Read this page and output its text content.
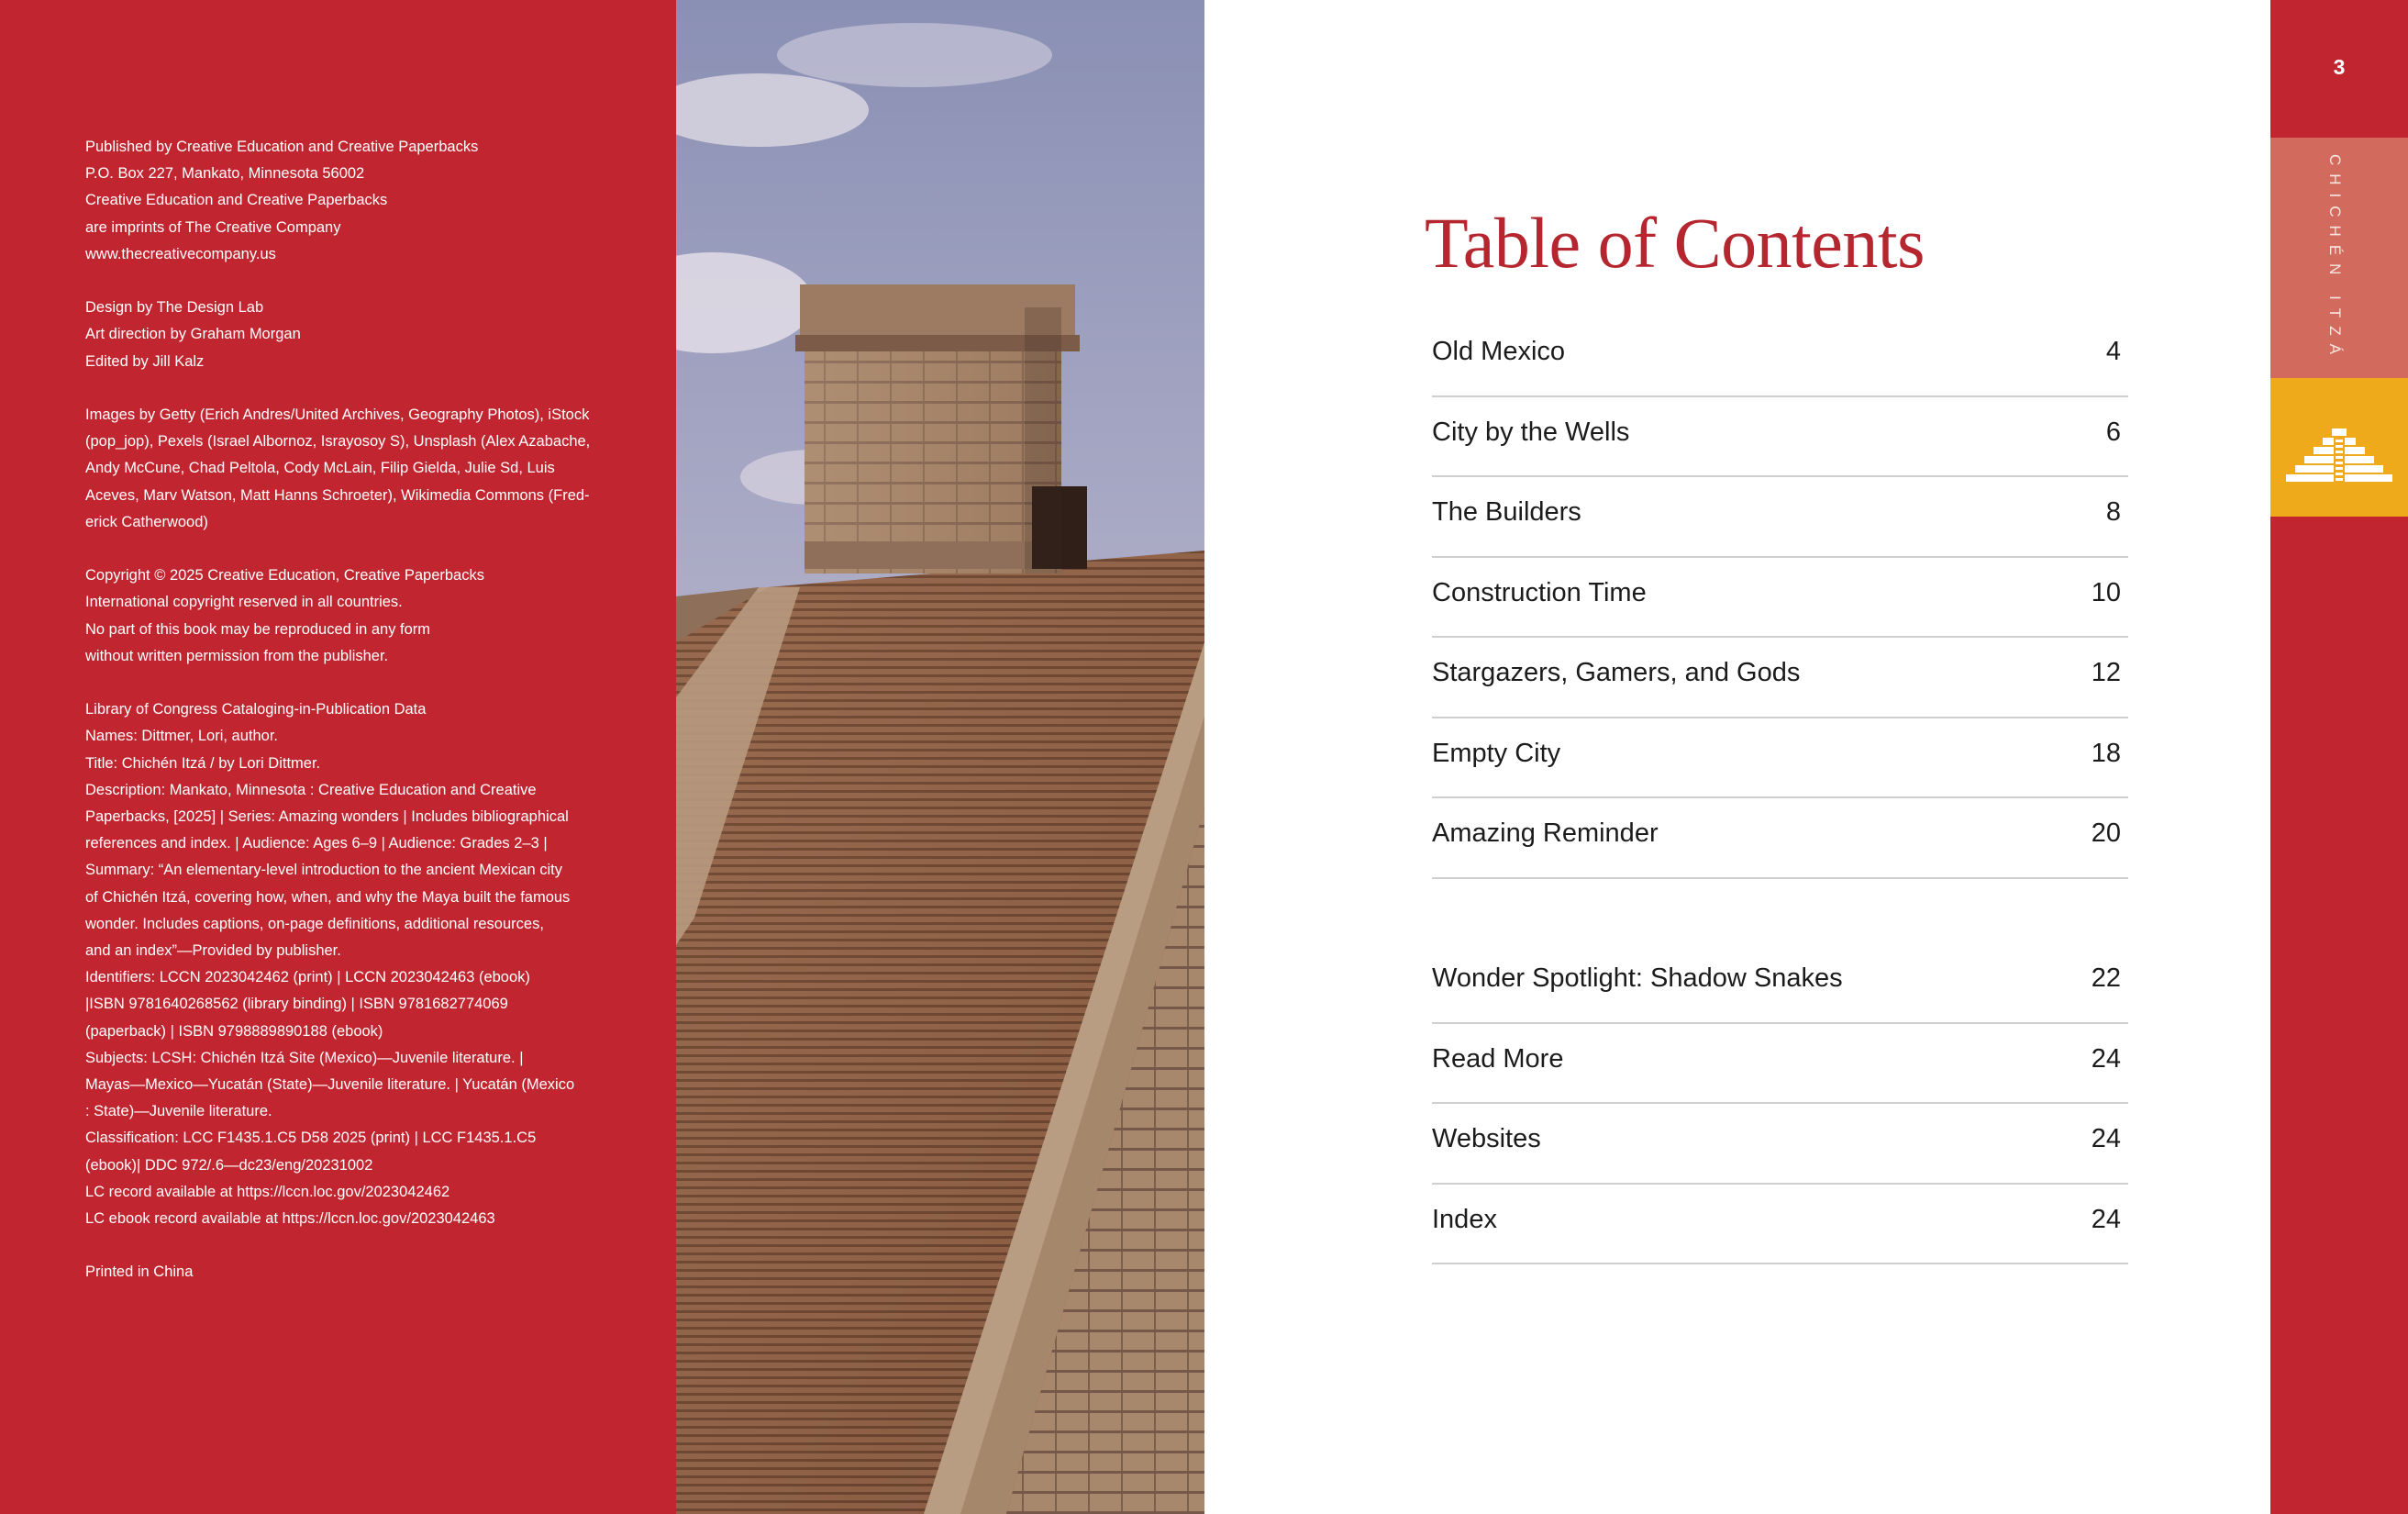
Published by Creative Education and Creative Paperbacks
P.O. Box 227, Mankato, Minnesota 56002
Creative Education and Creative Paperbacks
are imprints of The Creative Company
www.thecreativecompany.us
Design by The Design Lab
Art direction by Graham Morgan
Edited by Jill Kalz
Images by Getty (Erich Andres/United Archives, Geography Photos), iStock
(pop_jop), Pexels (Israel Albornoz, Israyosoy S), Unsplash (Alex Azabache,
Andy McCune, Chad Peltola, Cody McLain, Filip Gielda, Julie Sd, Luis
Aceves, Marv Watson, Matt Hanns Schroeter), Wikimedia Commons (Fred-
erick Catherwood)
Copyright © 2025 Creative Education, Creative Paperbacks
International copyright reserved in all countries.
No part of this book may be reproduced in any form
without written permission from the publisher.
Library of Congress Cataloging-in-Publication Data
Names: Dittmer, Lori, author.
Title: Chichén Itzá / by Lori Dittmer.
Description: Mankato, Minnesota : Creative Education and Creative
Paperbacks, [2025] | Series: Amazing wonders | Includes bibliographical
references and index. | Audience: Ages 6–9 | Audience: Grades 2–3 |
Summary: “An elementary-level introduction to the ancient Mexican city
of Chichén Itzá, covering how, when, and why the Maya built the famous
wonder. Includes captions, on-page definitions, additional resources,
and an index”—Provided by publisher.
Identifiers: LCCN 2023042462 (print) | LCCN 2023042463 (ebook)
|ISBN 9781640268562 (library binding) | ISBN 9781682774069
(paperback) | ISBN 9798889890188 (ebook)
Subjects: LCSH: Chichén Itzá Site (Mexico)—Juvenile literature. |
Mayas—Mexico—Yucatán (State)—Juvenile literature. | Yucatán (Mexico
: State)—Juvenile literature.
Classification: LCC F1435.1.C5 D58 2025 (print) | LCC F1435.1.C5
(ebook)| DDC 972/.6—dc23/eng/20231002
LC record available at https://lccn.loc.gov/2023042462
LC ebook record available at https://lccn.loc.gov/2023042463
Printed in China
Table of Contents
Old Mexico	4
City by the Wells	6
The Builders	8
Construction Time	10
Stargazers, Gamers, and Gods	12
Empty City	18
Amazing Reminder	20
Wonder Spotlight: Shadow Snakes	22
Read More	24
Websites	24
Index	24
3
CHICHÉN ITZÁ
